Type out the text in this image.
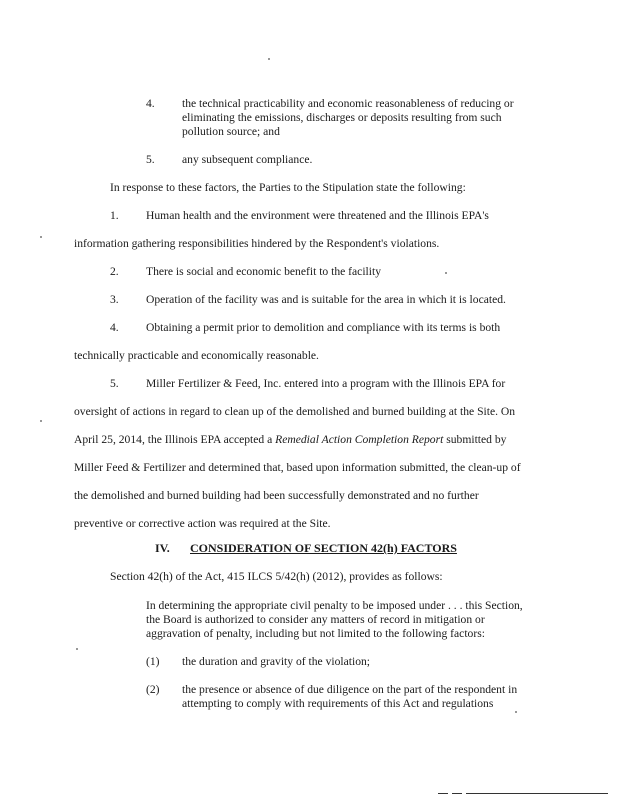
4. the technical practicability and economic reasonableness of reducing or
eliminating the emissions, discharges or deposits resulting from such
pollution source; and
5. any subsequent compliance.
In response to these factors, the Parties to the Stipulation state the following:
1. Human health and the environment were threatened and the Illinois EPA's
information gathering responsibilities hindered by the Respondent's violations.
2. There is social and economic benefit to the facility
3. Operation of the facility was and is suitable for the area in which it is located.
4. Obtaining a permit prior to demolition and compliance with its terms is both
technically practicable and economically reasonable.
5. Miller Fertilizer & Feed, Inc. entered into a program with the Illinois EPA for
oversight of actions in regard to clean up of the demolished and burned building at the Site. On
April 25, 2014, the Illinois EPA accepted a Remedial Action Completion Report submitted by
Miller Feed & Fertilizer and determined that, based upon information submitted, the clean-up of
the demolished and burned building had been successfully demonstrated and no further
preventive or corrective action was required at the Site.
IV. CONSIDERATION OF SECTION 42(h) FACTORS
Section 42(h) of the Act, 415 ILCS 5/42(h) (2012), provides as follows:
In determining the appropriate civil penalty to be imposed under . . . this Section,
the Board is authorized to consider any matters of record in mitigation or
aggravation of penalty, including but not limited to the following factors:
(1) the duration and gravity of the violation;
(2) the presence or absence of due diligence on the part of the respondent in
attempting to comply with requirements of this Act and regulations
